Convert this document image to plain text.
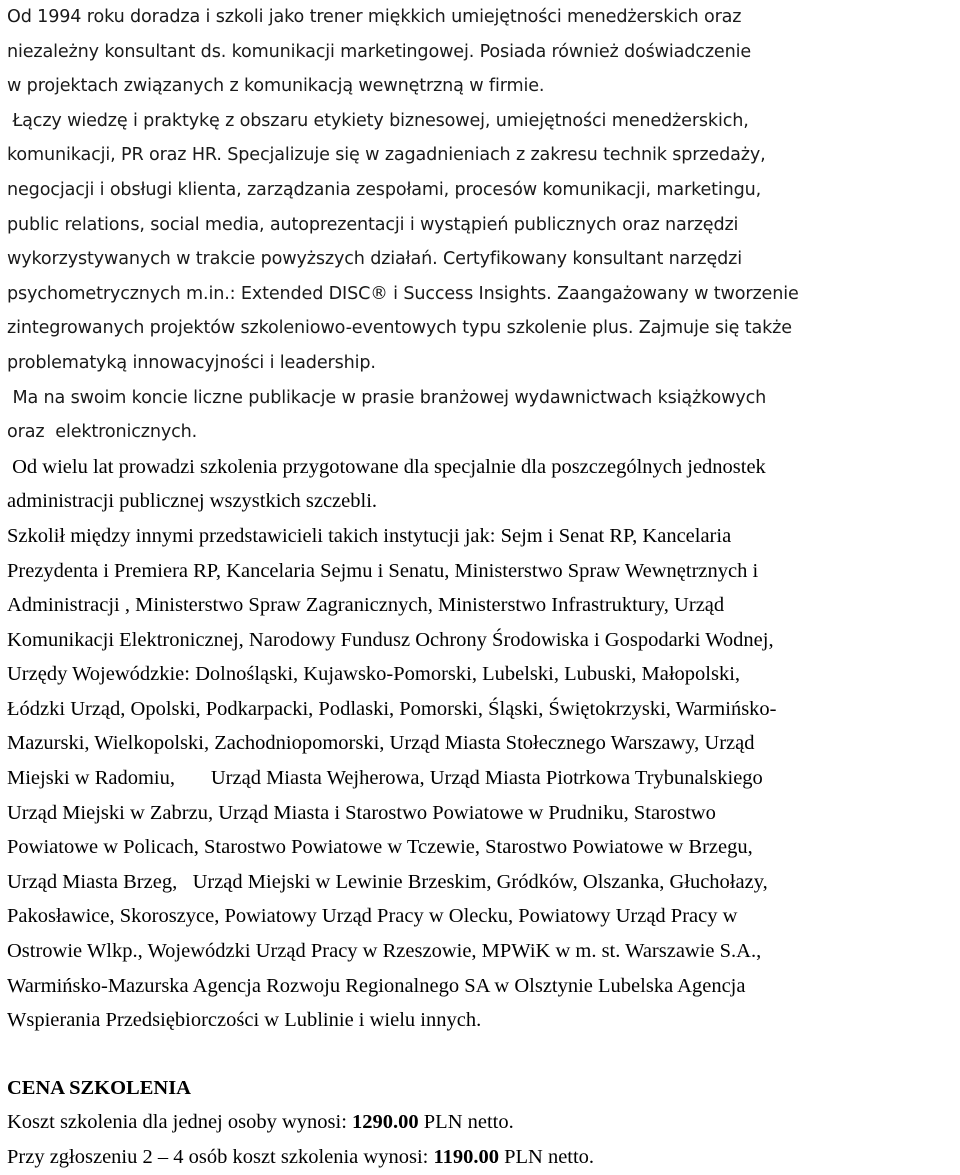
Od 1994 roku doradza i szkoli jako trener miękkich umiejętności menedżerskich oraz
niezależny konsultant ds. komunikacji marketingowej. Posiada również doświadczenie
w projektach związanych z komunikacją wewnętrzną w firmie.
Łączy wiedzę i praktykę z obszaru etykiety biznesowej, umiejętności menedżerskich,
komunikacji, PR oraz HR. Specjalizuje się w zagadnieniach z zakresu technik sprzedaży,
negocjacji i obsługi klienta, zarządzania zespołami, procesów komunikacji, marketingu,
public relations, social media, autoprezentacji i wystąpień publicznych oraz narzędzi
wykorzystywanych w trakcie powyższych działań. Certyfikowany konsultant narzędzi
psychometrycznych m.in.: Extended DISC® i Success Insights. Zaangażowany w tworzenie
zintegrowanych projektów szkoleniowo-eventowych typu szkolenie plus. Zajmuje się także
problematyką innowacyjności i leadership.
Ma na swoim koncie liczne publikacje w prasie branżowej wydawnictwach książkowych
oraz  elektronicznych.
Od wielu lat prowadzi szkolenia przygotowane dla specjalnie dla poszczególnych jednostek
administracji publicznej wszystkich szczebli.
Szkolił między innymi przedstawicieli takich instytucji jak: Sejm i Senat RP, Kancelaria
Prezydenta i Premiera RP, Kancelaria Sejmu i Senatu, Ministerstwo Spraw Wewnętrznych i
Administracji , Ministerstwo Spraw Zagranicznych, Ministerstwo Infrastruktury, Urząd
Komunikacji Elektronicznej, Narodowy Fundusz Ochrony Środowiska i Gospodarki Wodnej,
Urzędy Wojewódzkie: Dolnośląski, Kujawsko-Pomorski, Lubelski, Lubuski, Małopolski,
Łódzki Urząd, Opolski, Podkarpacki, Podlaski, Pomorski, Śląski, Świętokrzyski, Warmińsko-
Mazurski, Wielkopolski, Zachodniopomorski, Urząd Miasta Stołecznego Warszawy, Urząd
Miejski w Radomiu,       Urząd Miasta Wejherowa, Urząd Miasta Piotrkowa Trybunalskiego
Urząd Miejski w Zabrzu, Urząd Miasta i Starostwo Powiatowe w Prudniku, Starostwo
Powiatowe w Policach, Starostwo Powiatowe w Tczewie, Starostwo Powiatowe w Brzegu,
Urząd Miasta Brzeg,   Urząd Miejski w Lewinie Brzeskim, Gródków, Olszanka, Głuchołazy,
Pakosławice, Skoroszyce, Powiatowy Urząd Pracy w Olecku, Powiatowy Urząd Pracy w
Ostrowie Wlkp., Wojewódzki Urząd Pracy w Rzeszowie, MPWiK w m. st. Warszawie S.A.,
Warmińsko-Mazurska Agencja Rozwoju Regionalnego SA w Olsztynie Lubelska Agencja
Wspierania Przedsiębiorczości w Lublinie i wielu innych.
CENA SZKOLENIA
Koszt szkolenia dla jednej osoby wynosi: 1290.00 PLN netto.
Przy zgłoszeniu 2 – 4 osób koszt szkolenia wynosi: 1190.00 PLN netto.
